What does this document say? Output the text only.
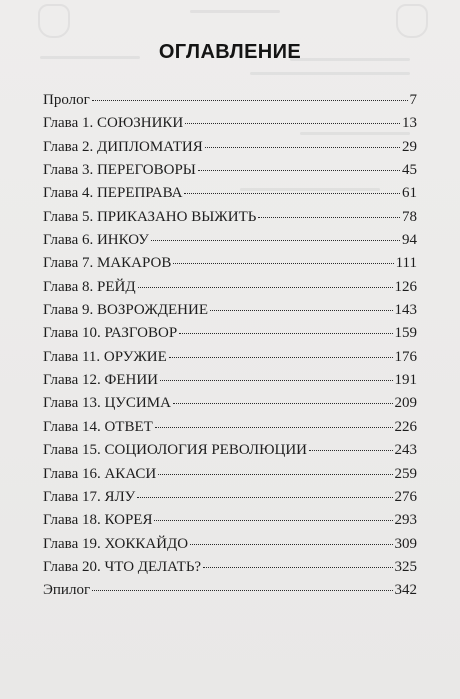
ОГЛАВЛЕНИЕ
Пролог	7
Глава 1. СОЮЗНИКИ	13
Глава 2. ДИПЛОМАТИЯ	29
Глава 3. ПЕРЕГОВОРЫ	45
Глава 4. ПЕРЕПРАВА	61
Глава 5. ПРИКАЗАНО ВЫЖИТЬ	78
Глава 6. ИНКОУ	94
Глава 7. МАКАРОВ	111
Глава 8. РЕЙД	126
Глава 9. ВОЗРОЖДЕНИЕ	143
Глава 10. РАЗГОВОР	159
Глава 11. ОРУЖИЕ	176
Глава 12. ФЕНИИ	191
Глава 13. ЦУСИМА	209
Глава 14. ОТВЕТ	226
Глава 15. СОЦИОЛОГИЯ РЕВОЛЮЦИИ	243
Глава 16. АКАСИ	259
Глава 17. ЯЛУ	276
Глава 18. КОРЕЯ	293
Глава 19. ХОККАЙДО	309
Глава 20. ЧТО ДЕЛАТЬ?	325
Эпилог	342
